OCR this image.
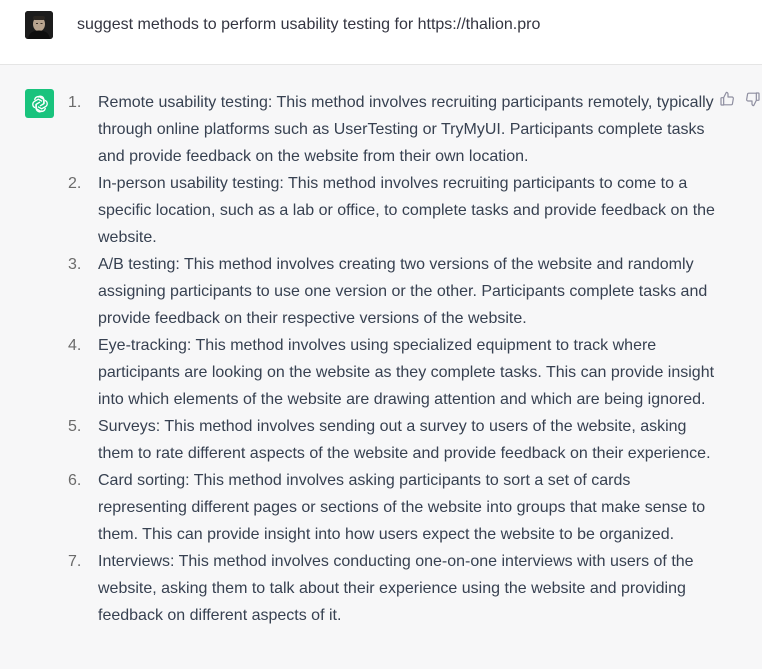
suggest methods to perform usability testing for https://thalion.pro
1.	Remote usability testing: This method involves recruiting participants remotely, typically through online platforms such as UserTesting or TryMyUI. Participants complete tasks and provide feedback on the website from their own location.
2.	In-person usability testing: This method involves recruiting participants to come to a specific location, such as a lab or office, to complete tasks and provide feedback on the website.
3.	A/B testing: This method involves creating two versions of the website and randomly assigning participants to use one version or the other. Participants complete tasks and provide feedback on their respective versions of the website.
4.	Eye-tracking: This method involves using specialized equipment to track where participants are looking on the website as they complete tasks. This can provide insight into which elements of the website are drawing attention and which are being ignored.
5.	Surveys: This method involves sending out a survey to users of the website, asking them to rate different aspects of the website and provide feedback on their experience.
6.	Card sorting: This method involves asking participants to sort a set of cards representing different pages or sections of the website into groups that make sense to them. This can provide insight into how users expect the website to be organized.
7.	Interviews: This method involves conducting one-on-one interviews with users of the website, asking them to talk about their experience using the website and providing feedback on different aspects of it.
